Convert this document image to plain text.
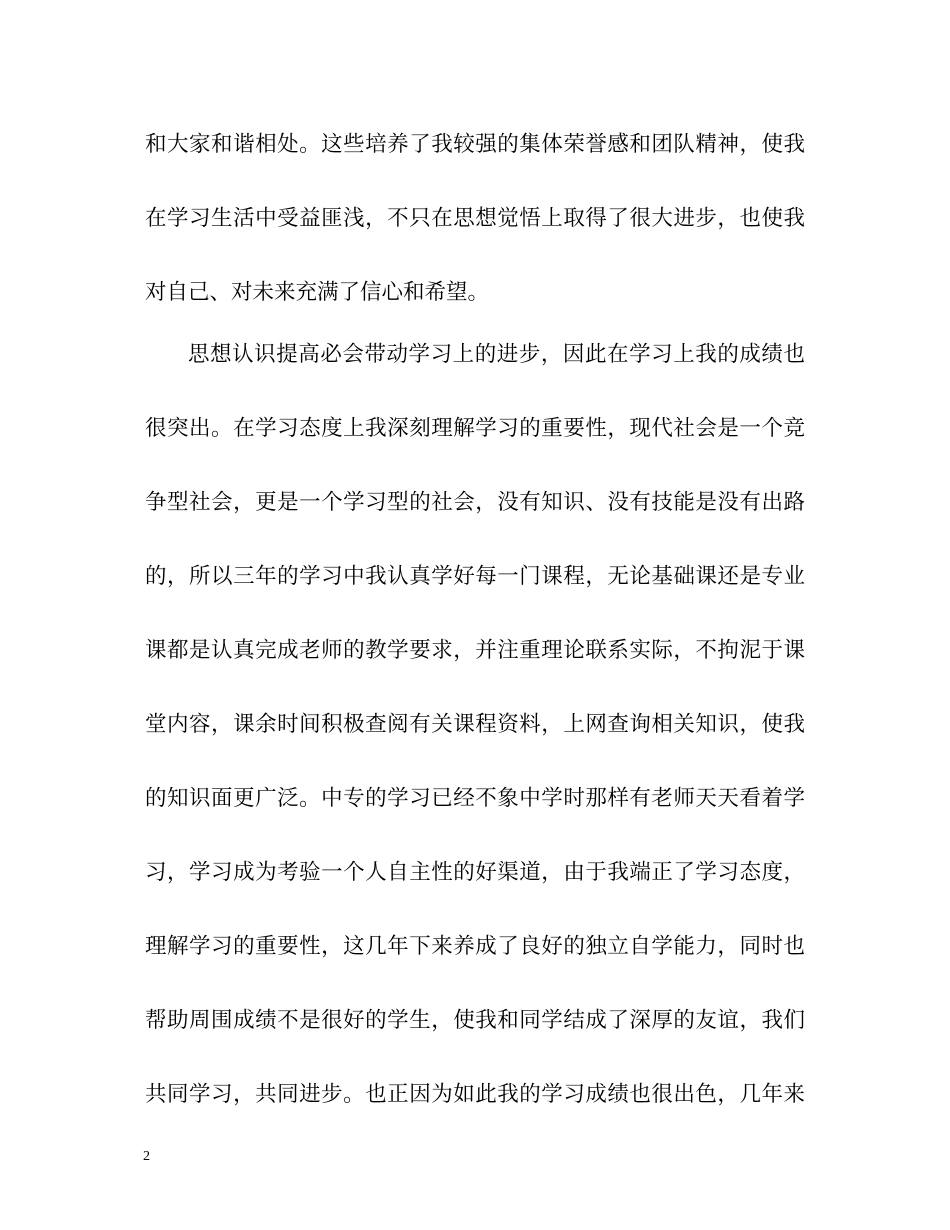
和大家和谐相处。这些培养了我较强的集体荣誉感和团队精神，使我
在学习生活中受益匪浅，不只在思想觉悟上取得了很大进步，也使我
对自己、对未来充满了信心和希望。
思想认识提高必会带动学习上的进步，因此在学习上我的成绩也
很突出。在学习态度上我深刻理解学习的重要性，现代社会是一个竞
争型社会，更是一个学习型的社会，没有知识、没有技能是没有出路
的，所以三年的学习中我认真学好每一门课程，无论基础课还是专业
课都是认真完成老师的教学要求，并注重理论联系实际，不拘泥于课
堂内容，课余时间积极查阅有关课程资料，上网查询相关知识，使我
的知识面更广泛。中专的学习已经不象中学时那样有老师天天看着学
习，学习成为考验一个人自主性的好渠道，由于我端正了学习态度，
理解学习的重要性，这几年下来养成了良好的独立自学能力，同时也
帮助周围成绩不是很好的学生，使我和同学结成了深厚的友谊，我们
共同学习，共同进步。也正因为如此我的学习成绩也很出色，几年来
2
